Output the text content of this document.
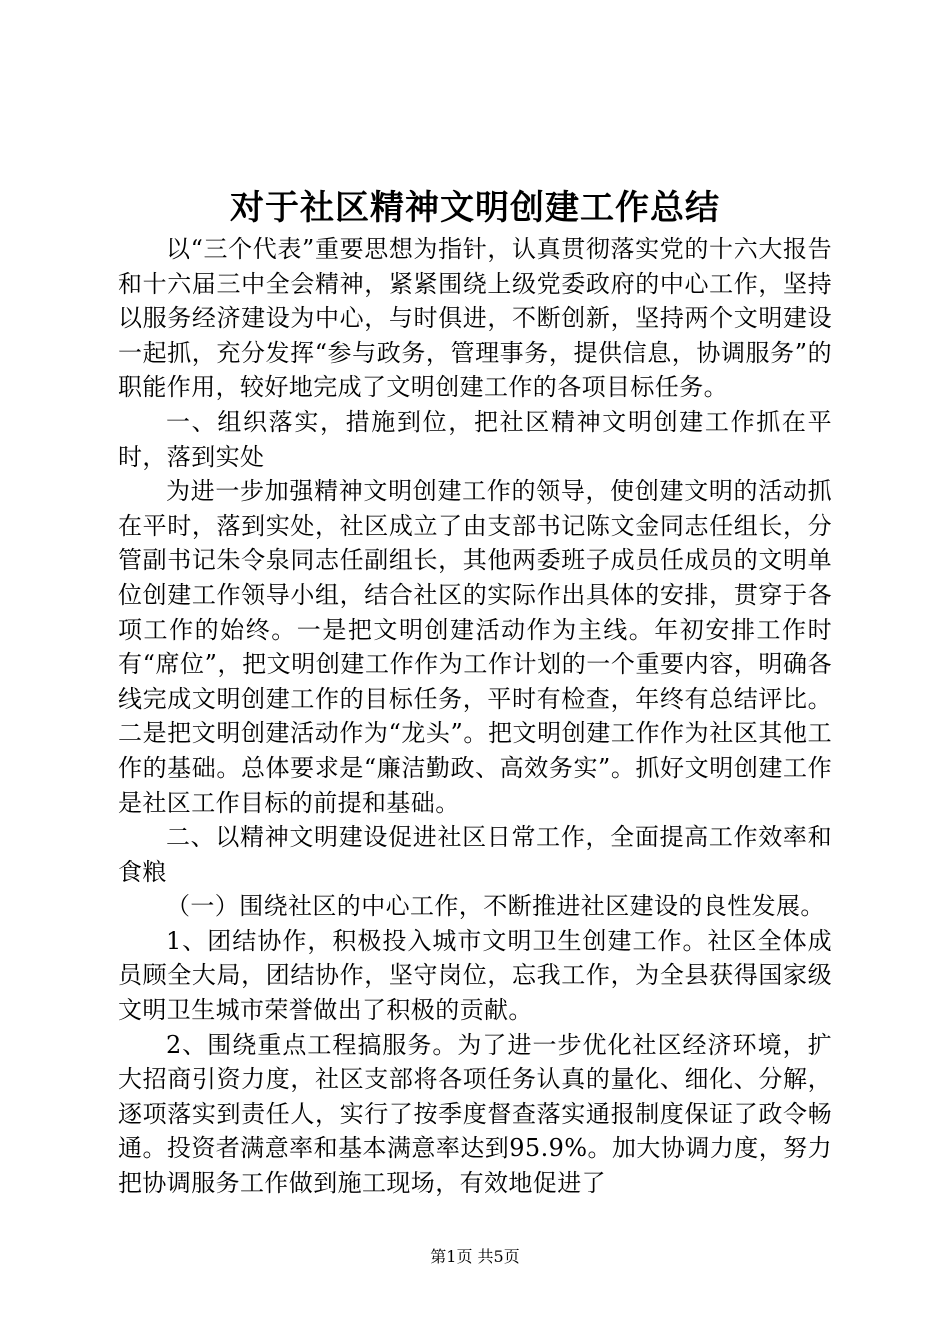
对于社区精神文明创建工作总结

以“三个代表”重要思想为指针，认真贯彻落实党的十六大报告和十六届三中全会精神，紧紧围绕上级党委政府的中心工作，坚持以服务经济建设为中心，与时俱进，不断创新，坚持两个文明建设一起抓，充分发挥“参与政务，管理事务，提供信息，协调服务”的职能作用，较好地完成了文明创建工作的各项目标任务。

一、组织落实，措施到位，把社区精神文明创建工作抓在平时，落到实处

为进一步加强精神文明创建工作的领导，使创建文明的活动抓在平时，落到实处，社区成立了由支部书记陈文金同志任组长，分管副书记朱令泉同志任副组长，其他两委班子成员任成员的文明单位创建工作领导小组，结合社区的实际作出具体的安排，贯穿于各项工作的始终。一是把文明创建活动作为主线。年初安排工作时有“席位”，把文明创建工作作为工作计划的一个重要内容，明确各线完成文明创建工作的目标任务，平时有检查，年终有总结评比。二是把文明创建活动作为“龙头”。把文明创建工作作为社区其他工作的基础。总体要求是“廉洁勤政、高效务实”。抓好文明创建工作是社区工作目标的前提和基础。

二、以精神文明建设促进社区日常工作，全面提高工作效率和食粮

（一）围绕社区的中心工作，不断推进社区建设的良性发展。

1、团结协作，积极投入城市文明卫生创建工作。社区全体成员顾全大局，团结协作，坚守岗位，忘我工作，为全县获得国家级文明卫生城市荣誉做出了积极的贡献。

2、围绕重点工程搞服务。为了进一步优化社区经济环境，扩大招商引资力度，社区支部将各项任务认真的量化、细化、分解，逐项落实到责任人，实行了按季度督查落实通报制度保证了政令畅通。投资者满意率和基本满意率达到95.9%。加大协调力度，努力把协调服务工作做到施工现场，有效地促进了

第1页 共5页
